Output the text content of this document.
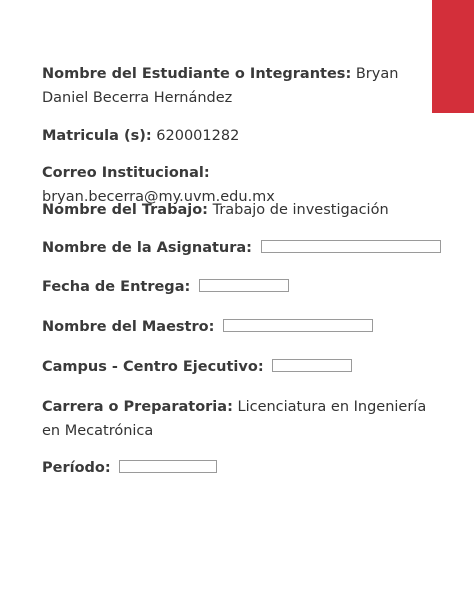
Nombre del Estudiante o Integrantes: Bryan Daniel Becerra Hernández
Matricula (s): 620001282
Correo Institucional: bryan.becerra@my.uvm.edu.mx
Nombre del Trabajo: Trabajo de investigación
Nombre de la Asignatura:
Fecha de Entrega:
Nombre del Maestro:
Campus - Centro Ejecutivo:
Carrera o Preparatoria: Licenciatura en Ingeniería en Mecatrónica
Período:
